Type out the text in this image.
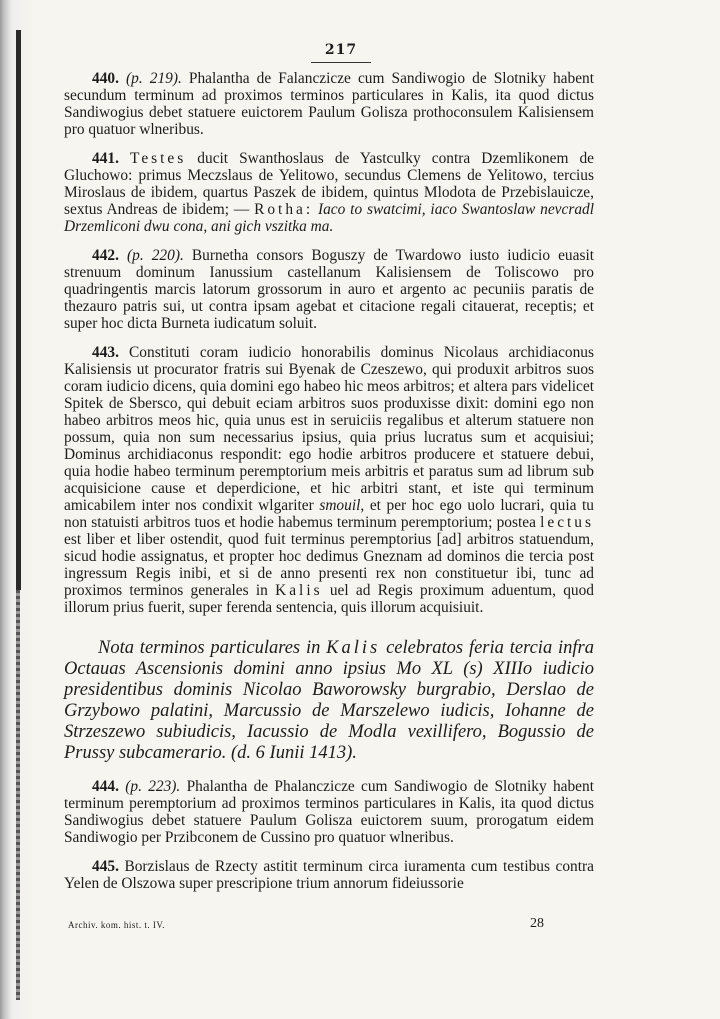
217

440. (p. 219). Phalantha de Falanczicze cum Sandiwogio de Slotniky habent secundum terminum ad proximos terminos particulares in Kalis, ita quod dictus Sandiwogius debet statuere euictorem Paulum Golisza prothoconsulem Kalisiensem pro quatuor wlneribus.

441. Testes ducit Swanthoslaus de Yastculky contra Dzemlikonem de Gluchowo: primus Meczslaus de Yelitowo, secundus Clemens de Yelitowo, tercius Miroslaus de ibidem, quartus Paszek de ibidem, quintus Mlodota de Przebislauicze, sextus Andreas de ibidem; — Rotha: Iaco to swatcimi, iaco Swantoslaw nevcradl Drzemliconi dwu cona, ani gich vszitka ma.

442. (p. 220). Burnetha consors Boguszy de Twardowo iusto iudicio euasit strenuum dominum Ianussium castellanum Kalisiensem de Toliscowo pro quadringentis marcis latorum grossorum in auro et argento ac pecuniis paratis de thezauro patris sui, ut contra ipsam agebat et citacione regali citauerat, receptis; et super hoc dicta Burneta iudicatum soluit.

443. Constituti coram iudicio honorabilis dominus Nicolaus archidiaconus Kalisiensis ut procurator fratris sui Byenak de Czeszewo, qui produxit arbitros suos coram iudicio dicens, quia domini ego habeo hic meos arbitros; et altera pars videlicet Spitek de Sbersco, qui debuit eciam arbitros suos produxisse dixit: domini ego non habeo arbitros meos hic, quia unus est in seruiciis regalibus et alterum statuere non possum, quia non sum necessarius ipsius, quia prius lucratus sum et acquisiui; Dominus archidiaconus respondit: ego hodie arbitros producere et statuere debui, quia hodie habeo terminum peremptorium meis arbitris et paratus sum ad librum sub acquisicione cause et deperdicione, et hic arbitri stant, et iste qui terminum amicabilem inter nos condixit wlgariter smouil, et per hoc ego uolo lucrari, quia tu non statuisti arbitros tuos et hodie habemus terminum peremptorium; postea lectus est liber et liber ostendit, quod fuit terminus peremptorius [ad] arbitros statuendum, sicud hodie assignatus, et propter hoc dedimus Gneznam ad dominos die tercia post ingressum Regis inibi, et si de anno presenti rex non constituetur ibi, tunc ad proximos terminos generales in Kalis uel ad Regis proximum aduentum, quod illorum prius fuerit, super ferenda sentencia, quis illorum acquisiuit.

Nota terminos particulares in Kalis celebratos feria tercia infra Octauas Ascensionis domini anno ipsius Mo XL (s) XIIIo iudicio presidentibus dominis Nicolao Baworowsky burgrabio, Derslao de Grzybowo palatini, Marcussio de Marszelewo iudicis, Iohanne de Strzeszewo subiudicis, Iacussio de Modla vexillifero, Bogussio de Prussy subcamerario. (d. 6 Iunii 1413).

444. (p. 223). Phalantha de Phalanczicze cum Sandiwogio de Slotniky habent terminum peremptorium ad proximos terminos particulares in Kalis, ita quod dictus Sandiwogius debet statuere Paulum Golisza euictorem suum, prorogatum eidem Sandiwogio per Przibconem de Cussino pro quatuor wlneribus.

445. Borzislaus de Rzecty astitit terminum circa iuramenta cum testibus contra Yelen de Olszowa super prescripione trium annorum fideiussorie

Archiv. kom. hist. t. IV.	28
